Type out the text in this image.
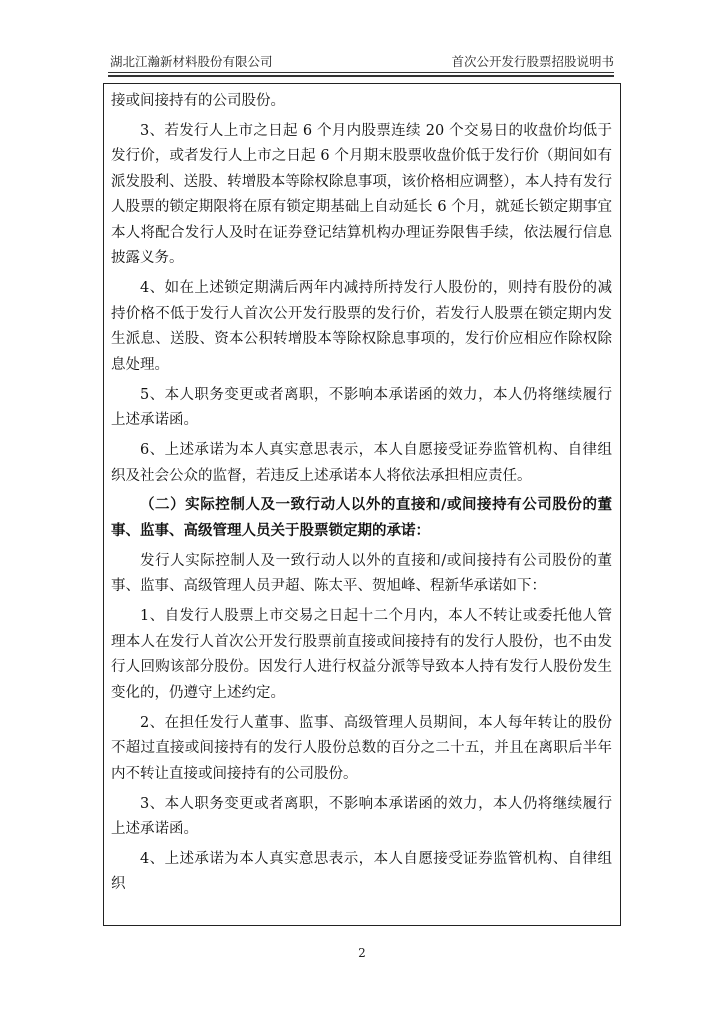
湖北江瀚新材料股份有限公司	首次公开发行股票招股说明书

接或间接持有的公司股份。

3、若发行人上市之日起 6 个月内股票连续 20 个交易日的收盘价均低于发行价，或者发行人上市之日起 6 个月期末股票收盘价低于发行价（期间如有派发股利、送股、转增股本等除权除息事项，该价格相应调整），本人持有发行人股票的锁定期限将在原有锁定期基础上自动延长 6 个月，就延长锁定期事宜本人将配合发行人及时在证券登记结算机构办理证券限售手续，依法履行信息披露义务。

4、如在上述锁定期满后两年内减持所持发行人股份的，则持有股份的减持价格不低于发行人首次公开发行股票的发行价，若发行人股票在锁定期内发生派息、送股、资本公积转增股本等除权除息事项的，发行价应相应作除权除息处理。

5、本人职务变更或者离职，不影响本承诺函的效力，本人仍将继续履行上述承诺函。

6、上述承诺为本人真实意思表示，本人自愿接受证券监管机构、自律组织及社会公众的监督，若违反上述承诺本人将依法承担相应责任。

（二）实际控制人及一致行动人以外的直接和/或间接持有公司股份的董事、监事、高级管理人员关于股票锁定期的承诺：

发行人实际控制人及一致行动人以外的直接和/或间接持有公司股份的董事、监事、高级管理人员尹超、陈太平、贺旭峰、程新华承诺如下：

1、自发行人股票上市交易之日起十二个月内，本人不转让或委托他人管理本人在发行人首次公开发行股票前直接或间接持有的发行人股份，也不由发行人回购该部分股份。因发行人进行权益分派等导致本人持有发行人股份发生变化的，仍遵守上述约定。

2、在担任发行人董事、监事、高级管理人员期间，本人每年转让的股份不超过直接或间接持有的发行人股份总数的百分之二十五，并且在离职后半年内不转让直接或间接持有的公司股份。

3、本人职务变更或者离职，不影响本承诺函的效力，本人仍将继续履行上述承诺函。

4、上述承诺为本人真实意思表示，本人自愿接受证券监管机构、自律组织

2
